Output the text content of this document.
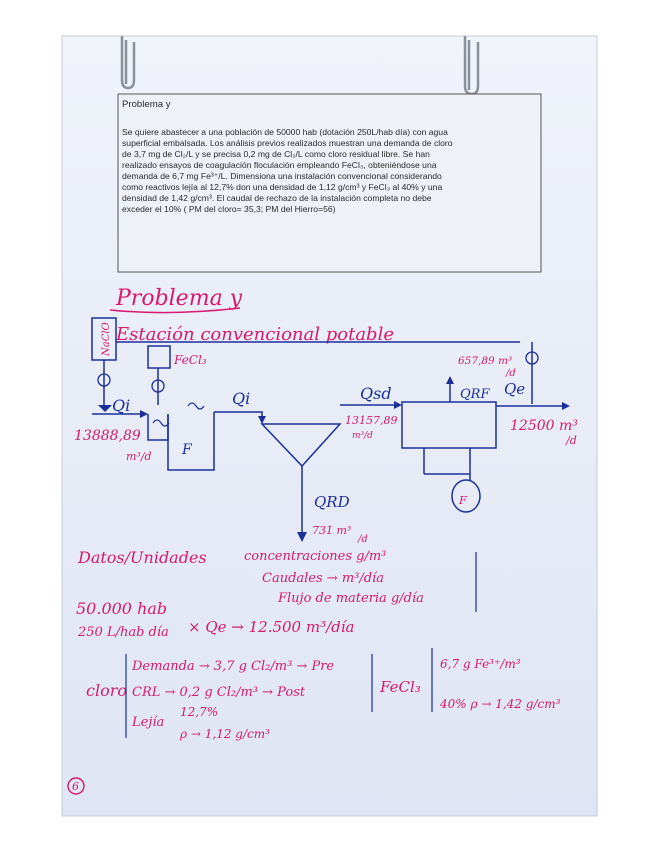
Problema y
Se quiere abastecer a una población de 50000 hab (dotación 250L/hab día) con agua
superficial embalsada. Los análisis previos realizados muestran una demanda de cloro
de 3,7 mg de Cl₂/L y se precisa 0,2 mg de Cl₂/L como cloro residual libre. Se han
realizado ensayos de coagulación floculación empleando FeCl₃, obteniéndose una
demanda de 6,7 mg Fe³⁺/L. Dimensiona una instalación convencional considerando
como reactivos lejía al 12,7% don una densidad de 1,12 g/cm³ y FeCl₃ al 40% y una
densidad de 1,42 g/cm³. El caudal de rechazo de la instalación completa no debe
exceder el 10% ( PM del cloro= 35,3; PM del Hierro=56)
Problema y
Estación convencional potable
NaClO
FeCl₃
Qi
13888,89
m³/d F
Qi
QRD
731 m³
/d
Qsd
13157,89
m³/d
F
657,89 m³
/d
QRF Qe
12500 m³
/d
Datos/Unidades	concentraciones g/m³
Caudales → m³/día
Flujo de materia g/día
50.000 hab
250 L/hab día × Qe → 12.500 m³/día
cloro
Demanda → 3,7 g Cl₂/m³ → Pre
CRL → 0,2 g Cl₂/m³ → Post
Lejía
12,7%
ρ → 1,12 g/cm³
FeCl₃
6,7 g Fe³⁺/m³
40% ρ → 1,42 g/cm³
6
